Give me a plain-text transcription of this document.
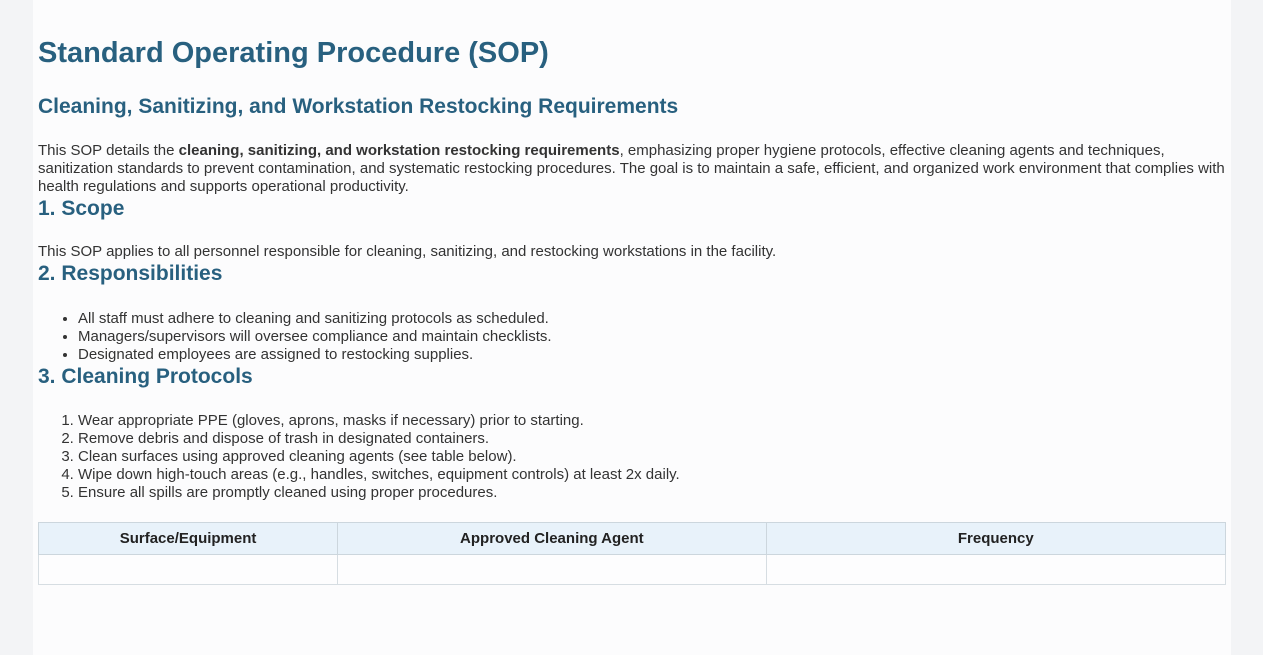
Standard Operating Procedure (SOP)
Cleaning, Sanitizing, and Workstation Restocking Requirements

This SOP details the cleaning, sanitizing, and workstation restocking requirements, emphasizing proper hygiene protocols, effective cleaning agents and techniques, sanitization standards to prevent contamination, and systematic restocking procedures. The goal is to maintain a safe, efficient, and organized work environment that complies with health regulations and supports operational productivity.

1. Scope

This SOP applies to all personnel responsible for cleaning, sanitizing, and restocking workstations in the facility.

2. Responsibilities
• All staff must adhere to cleaning and sanitizing protocols as scheduled.
• Managers/supervisors will oversee compliance and maintain checklists.
• Designated employees are assigned to restocking supplies.
3. Cleaning Protocols
1. Wear appropriate PPE (gloves, aprons, masks if necessary) prior to starting.
2. Remove debris and dispose of trash in designated containers.
3. Clean surfaces using approved cleaning agents (see table below).
4. Wipe down high-touch areas (e.g., handles, switches, equipment controls) at least 2x daily.
5. Ensure all spills are promptly cleaned using proper procedures.
Surface/Equipment	Approved Cleaning Agent	Frequency
